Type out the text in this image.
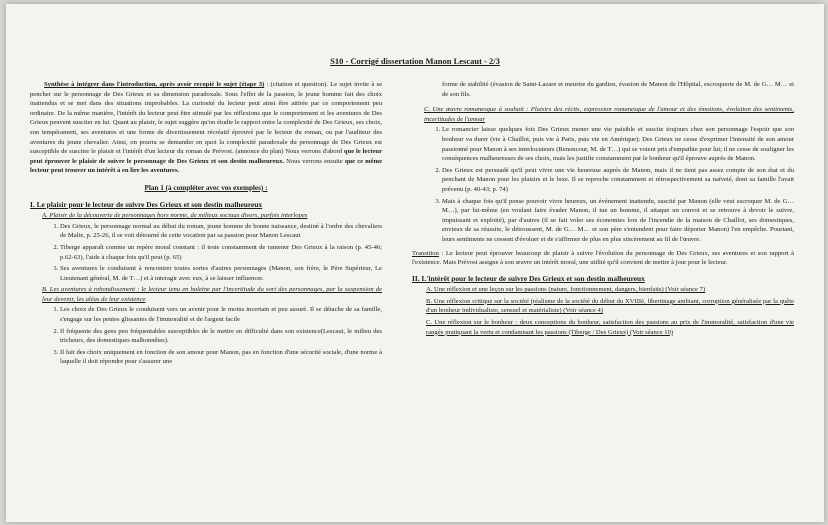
S10 - Corrigé dissertation Manon Lescaut - 2/3

Synthèse à intégrer dans l'introduction, après avoir recopié le sujet (étape 3) : (citation et question). Le sujet invite à se pencher sur le personnage de Des Grieux et sa dimension paradoxale. Sous l'effet de la passion, le jeune homme fait des choix inattendus et se met dans des situations improbables. La curiosité du lecteur peut ainsi être attirée par ce comportement peu ordinaire. De la même manière, l'intérêt du lecteur peut être stimulé par les réflexions que le comportement et les aventures de Des Grieux peuvent susciter en lui. Quant au plaisir, le sujet suggère qu'on étudie le rapport entre la complexité de Des Grieux, ses choix, son tempérament, ses aventures et une forme de divertissement récréatif éprouvé par le lecteur du roman, ou par l'auditeur des aventures du jeune chevalier. Ainsi, on pourra se demander en quoi la complexité paradoxale du personnage de Des Grieux est susceptible de susciter le plaisir et l'intérêt d'un lecteur du roman de Prévost. (annonce du plan) Nous verrons d'abord que le lecteur peut éprouver le plaisir de suivre le personnage de Des Grieux et son destin malheureux. Nous verrons ensuite que ce même lecteur peut trouver un intérêt à en lire les aventures.

Plan 1 (à compléter avec vos exemples) :
I. Le plaisir pour le lecteur de suivre Des Grieux et son destin malheureux
A. Plaisir de la découverte de personnages hors norme, de milieux sociaux divers, parfois interlopes
1. Des Grieux, le personnage normal au début du roman, jeune homme de bonne naissance, destiné à l'ordre des chevaliers de Malte, p. 25-26, il se voit détourné de cette vocation par sa passion pour Manon Lescaut
2. Tiberge apparaît comme un repère moral constant : il teste constamment de ramener Des Grieux à la raison (p. 45-46; p.62-63), l'aide à chaque fois qu'il peut (p. 65)
3. Ses aventures le conduisent à rencontrer toutes sortes d'autres personnages (Manon, son frère, le Père Supérieur, Le Lieutenant général, M. de T…) et à interagir avec eux, à se laisser influencer.
B. Les aventures à rebondissement : le lecteur tenu en haleine par l'incertitude du sort des personnages, par la suspension de leur devenir, les aléas de leur existence
1. Les choix de Des Grieux le conduisent vers un avenir pour le moins incertain et peu assuré. Il se détache de sa famille, s'engage sur les pentes glissantes de l'immoralité et de l'argent facile
2. Il fréquente des gens peu fréquentables susceptibles de le mettre en difficulté dans son existence(Lescaut, le milieu des tricheurs, des domestiques malhonnêtes).
3. Il fait des choix uniquement en fonction de son amour pour Manon, pas en fonction d'une sécurité sociale, d'une norme à laquelle il doit répondre pour s'assurer une
forme de stabilité (évasion de Saint-Lazare et meurtre du gardien, évasion de Manon de l'Hôpital, escroquerie de M. de G… M… et de son fils.
C. Une œuvre romanesque à souhait : Plaisirs des récits, expression romanesque de l'amour et des émotions, évolution des sentiments, incertitudes de l'amour
1. Le romancier laisse quelques fois Des Grieux mener une vie paisible et suscite toujours chez son personnage l'espoir que son bonheur va durer (vie à Chaillot, puis vie à Paris, puis vie en Amérique); Des Grieux ne cesse d'exprimer l'intensité de son amour passionné pour Manon à ses interlocuteurs (Renoncour, M. de T…) qui se voient pris d'empathie pour lui; il ne cesse de souligner les conséquences malheureuses de ses choix, mais les justifie constamment par le bonheur qu'il éprouve auprès de Manon.
2. Des Grieux est persuadé qu'il peut vivre une vie heureuse auprès de Manon, mais il ne tient pas assez compte de son état et du penchant de Manon pour les plaisirs et le luxe. Il se reproche constamment et rétrospectivement sa naïveté, dont sa famille l'avait prévenu (p. 40-43; p. 74)
3. Mais à chaque fois qu'il pense pouvoir vivre heureux, un événement inattendu, suscité par Manon (elle veut escroquer M. de G… M…), par lui-même (en voulant faire évader Manon, il tue un homme, il attaque un convoi et se retrouve à devoir le suivre, impuissant et exploité), par d'autres (il se fait voler ses économies lors de l'incendie de la maison de Chaillot, ses domestiques, envieux de sa réussite, le détroussent, M. de G… M… et son père s'entendent pour faire déporter Manon) l'en empêche. Pourtant, leurs sentiments ne cessent d'évoluer et de s'affirmer de plus en plus sincèrement au fil de l'œuvre.

Transition : Le lecteur peut éprouver beaucoup de plaisir à suivre l'évolution du personnage de Des Grieux, ses aventures et son rapport à l'existence. Mais Prévost assigne à son œuvre un intérêt moral, une utilité qu'il convient de mettre à jour pour le lecteur.

II. L'intérêt pour le lecteur de suivre Des Grieux et son destin malheureux
A. Une réflexion et une leçon sur les passions (nature, fonctionnement, dangers, bienfaits) (Voir séance 7)
B. Une réflexion critique sur la société (réalisme de la société du début du XVIIIè, libertinage ambiant, corruption généralisée par la quête d'un bonheur individualiste, sensuel et matérialiste) (Voir séance 4)
C. Une réflexion sur le bonheur : deux conceptions du bonheur, satisfaction des passions au prix de l'immoralité, satisfaction d'une vie rangée pratiquant la vertu et condamnant les passions (Tiberge / Des Grieux) (Voir séance 10)
